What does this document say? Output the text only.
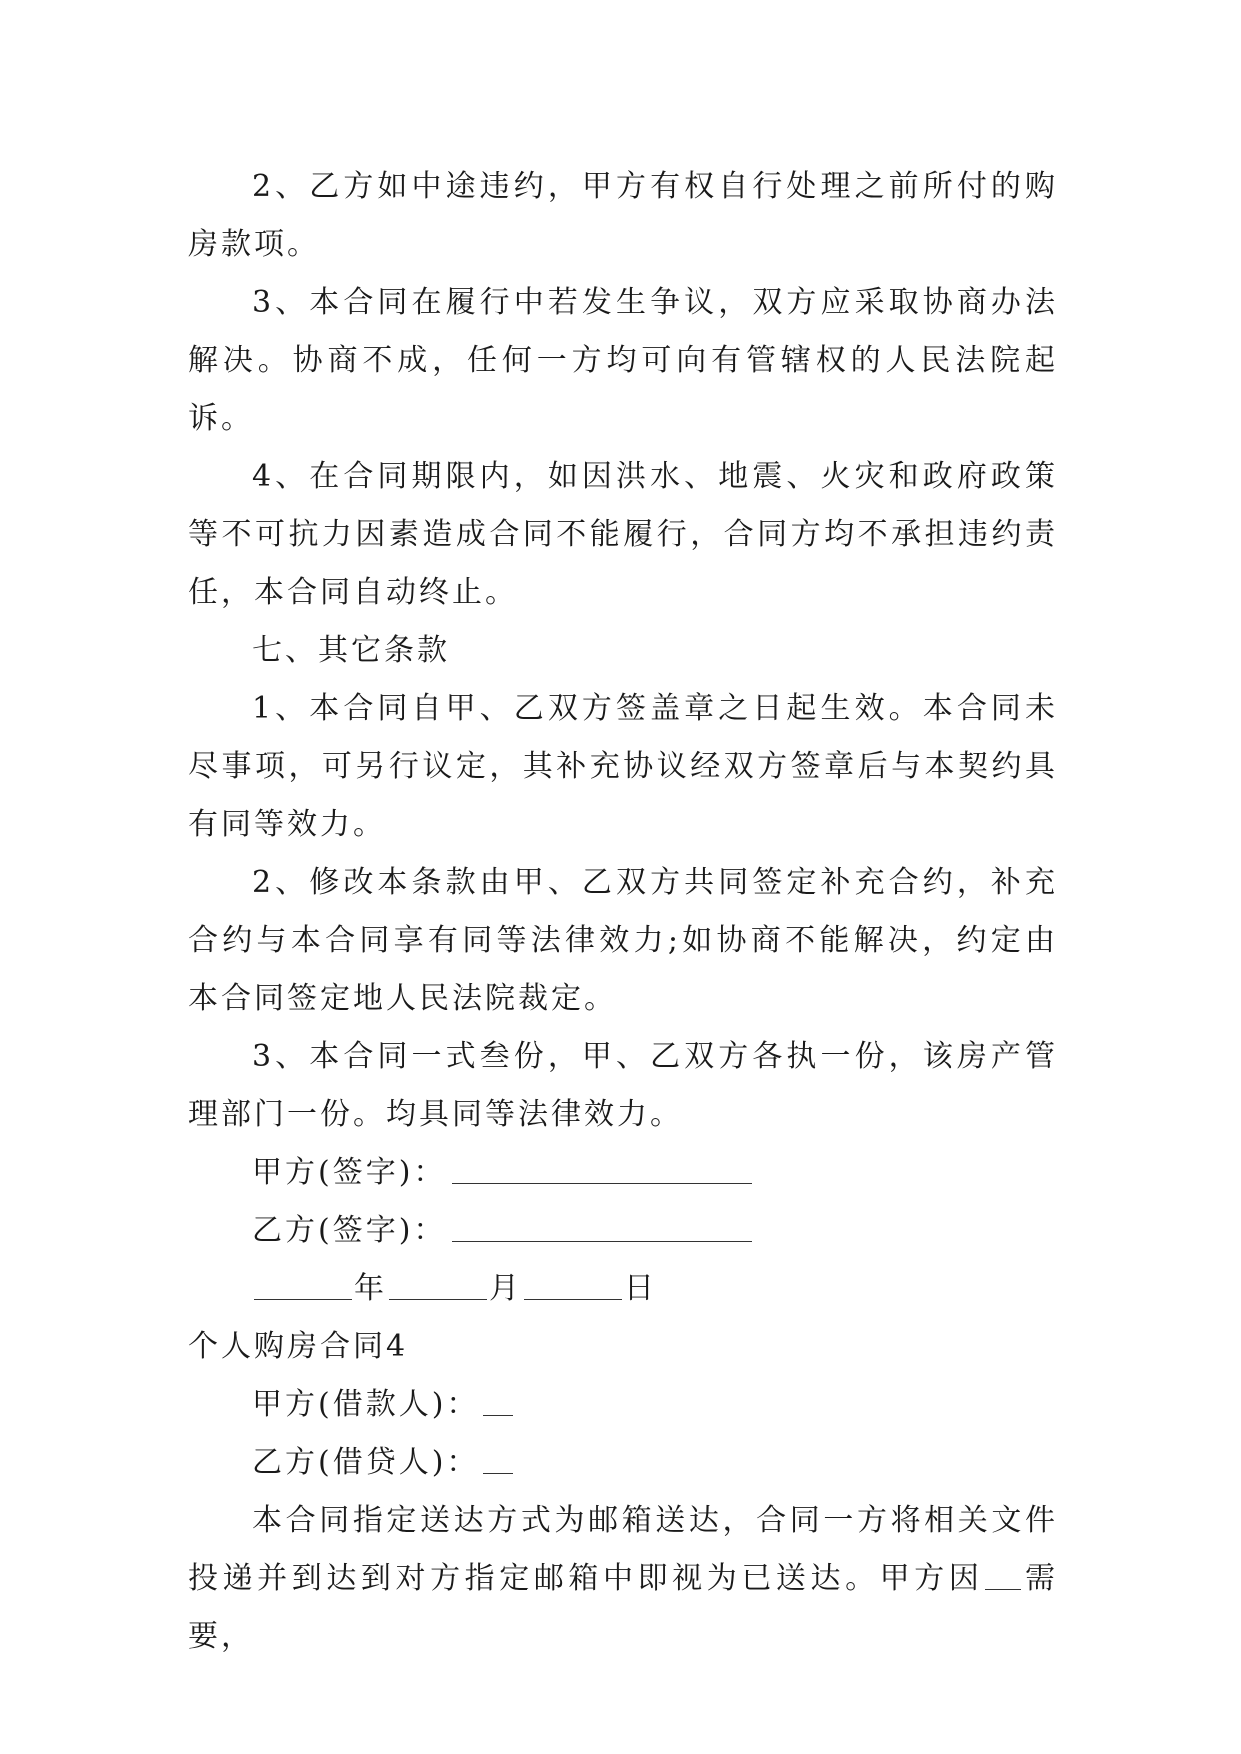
2、乙方如中途违约，甲方有权自行处理之前所付的购房款项。

3、本合同在履行中若发生争议，双方应采取协商办法解决。协商不成，任何一方均可向有管辖权的人民法院起诉。

4、在合同期限内，如因洪水、地震、火灾和政府政策等不可抗力因素造成合同不能履行，合同方均不承担违约责任，本合同自动终止。

七、其它条款

1、本合同自甲、乙双方签盖章之日起生效。本合同未尽事项，可另行议定，其补充协议经双方签章后与本契约具有同等效力。

2、修改本条款由甲、乙双方共同签定补充合约，补充合约与本合同享有同等法律效力;如协商不能解决，约定由本合同签定地人民法院裁定。

3、本合同一式叁份，甲、乙双方各执一份，该房产管理部门一份。均具同等法律效力。

甲方(签字)：
乙方(签字)：
年	月	日

个人购房合同4

甲方(借款人)：
乙方(借贷人)：

本合同指定送达方式为邮箱送达，合同一方将相关文件投递并到达到对方指定邮箱中即视为已送达。甲方因 需要，
